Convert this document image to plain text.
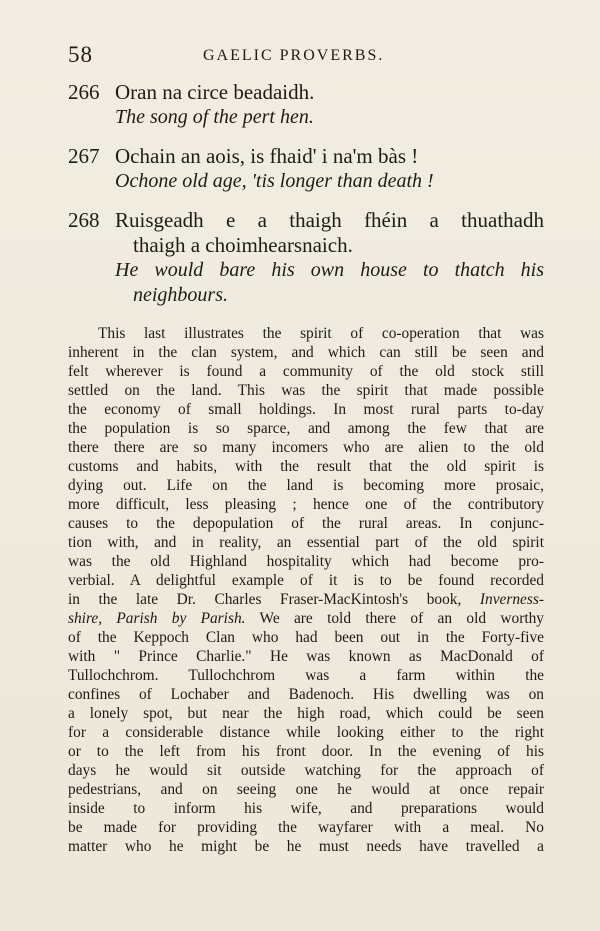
58	GAELIC PROVERBS.
266 Oran na circe beadaidh.
The song of the pert hen.
267 Ochain an aois, is fhaid' i na'm bàs !
Ochone old age, 'tis longer than death !
268 Ruisgeadh e a thaigh fhéin a thuathadh
thaigh a choimhearsnaich.
He would bare his own house to thatch his
neighbours.
This last illustrates the spirit of co-operation that was
inherent in the clan system, and which can still be seen and
felt wherever is found a community of the old stock still
settled on the land. This was the spirit that made possible
the economy of small holdings. In most rural parts to-day
the population is so sparce, and among the few that are
there there are so many incomers who are alien to the old
customs and habits, with the result that the old spirit is
dying out. Life on the land is becoming more prosaic,
more difficult, less pleasing ; hence one of the contributory
causes to the depopulation of the rural areas. In conjunc-
tion with, and in reality, an essential part of the old spirit
was the old Highland hospitality which had become pro-
verbial. A delightful example of it is to be found recorded
in the late Dr. Charles Fraser-MacKintosh's book, Inverness-
shire, Parish by Parish. We are told there of an old worthy
of the Keppoch Clan who had been out in the Forty-five
with " Prince Charlie." He was known as MacDonald of
Tullochchrom. Tullochchrom was a farm within the
confines of Lochaber and Badenoch. His dwelling was on
a lonely spot, but near the high road, which could be seen
for a considerable distance while looking either to the right
or to the left from his front door. In the evening of his
days he would sit outside watching for the approach of
pedestrians, and on seeing one he would at once repair
inside to inform his wife, and preparations would
be made for providing the wayfarer with a meal. No
matter who he might be he must needs have travelled a
